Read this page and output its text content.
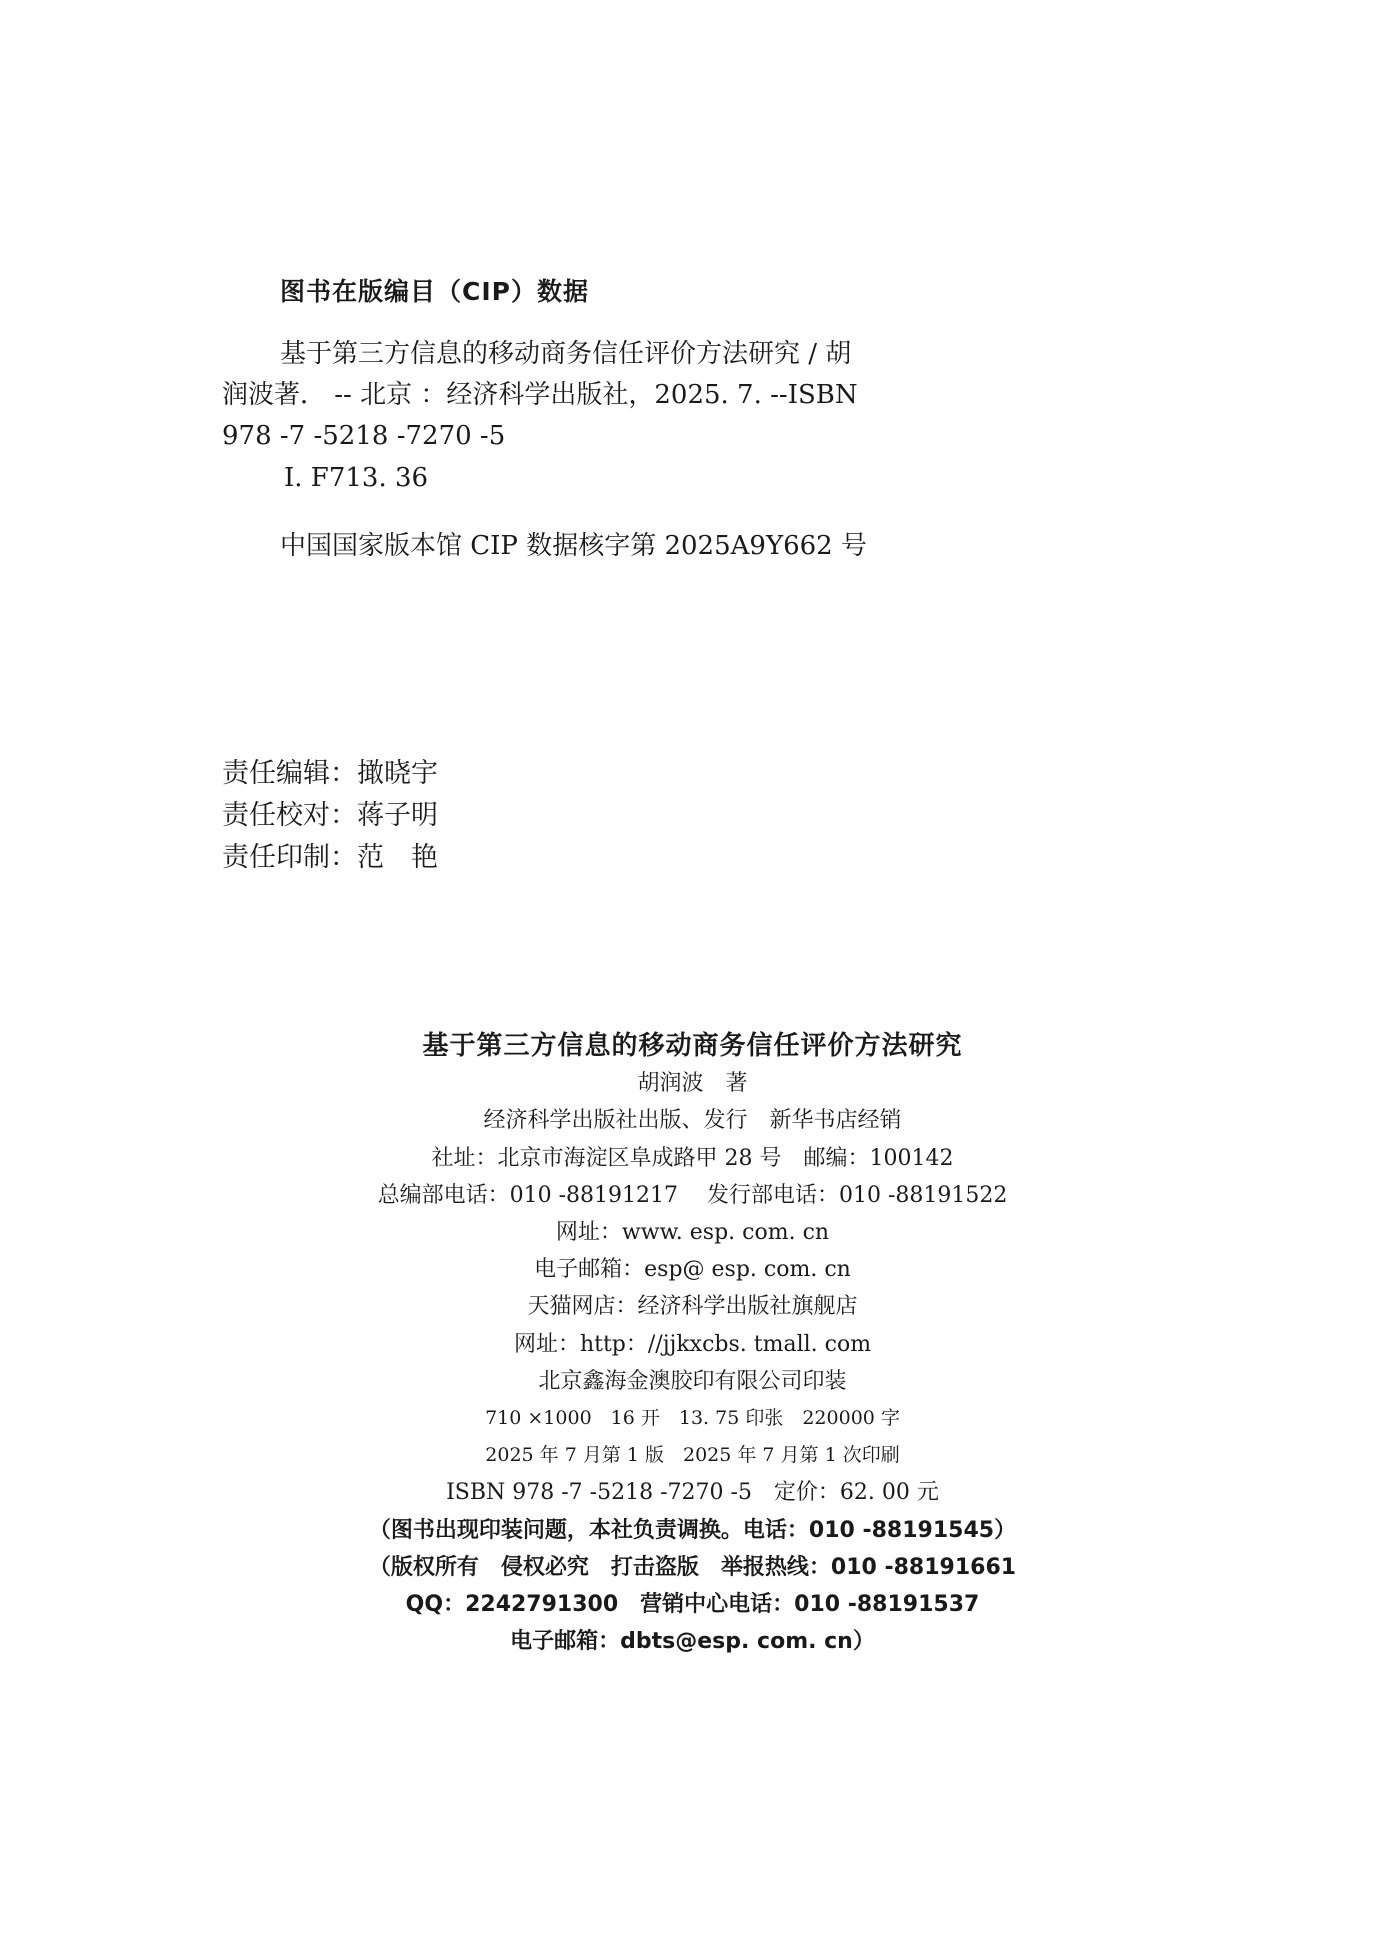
图书在版编目（CIP）数据
基于第三方信息的移动商务信任评价方法研究 / 胡
润波著． -- 北京 ：经济科学出版社，2025. 7. --ISBN
978 -7 -5218 -7270 -5
Ⅰ. F713. 36
中国国家版本馆 CIP 数据核字第 2025A9Y662 号
责任编辑：撖晓宇
责任校对：蒋子明
责任印制：范　艳
基于第三方信息的移动商务信任评价方法研究
胡润波　著
经济科学出版社出版、发行　新华书店经销
社址：北京市海淀区阜成路甲 28 号　邮编：100142
总编部电话：010 -88191217　 发行部电话：010 -88191522
网址：www. esp. com. cn
电子邮箱：esp@ esp. com. cn
天猫网店：经济科学出版社旗舰店
网址：http：//jjkxcbs. tmall. com
北京鑫海金澳胶印有限公司印装
710 ×1000　16 开　13. 75 印张　220000 字
2025 年 7 月第 1 版　2025 年 7 月第 1 次印刷
ISBN 978 -7 -5218 -7270 -5　定价：62. 00 元
（图书出现印装问题，本社负责调换。电话：010 -88191545）
（版权所有　侵权必究　打击盗版　举报热线：010 -88191661
QQ：2242791300　营销中心电话：010 -88191537
电子邮箱：dbts@esp. com. cn）
